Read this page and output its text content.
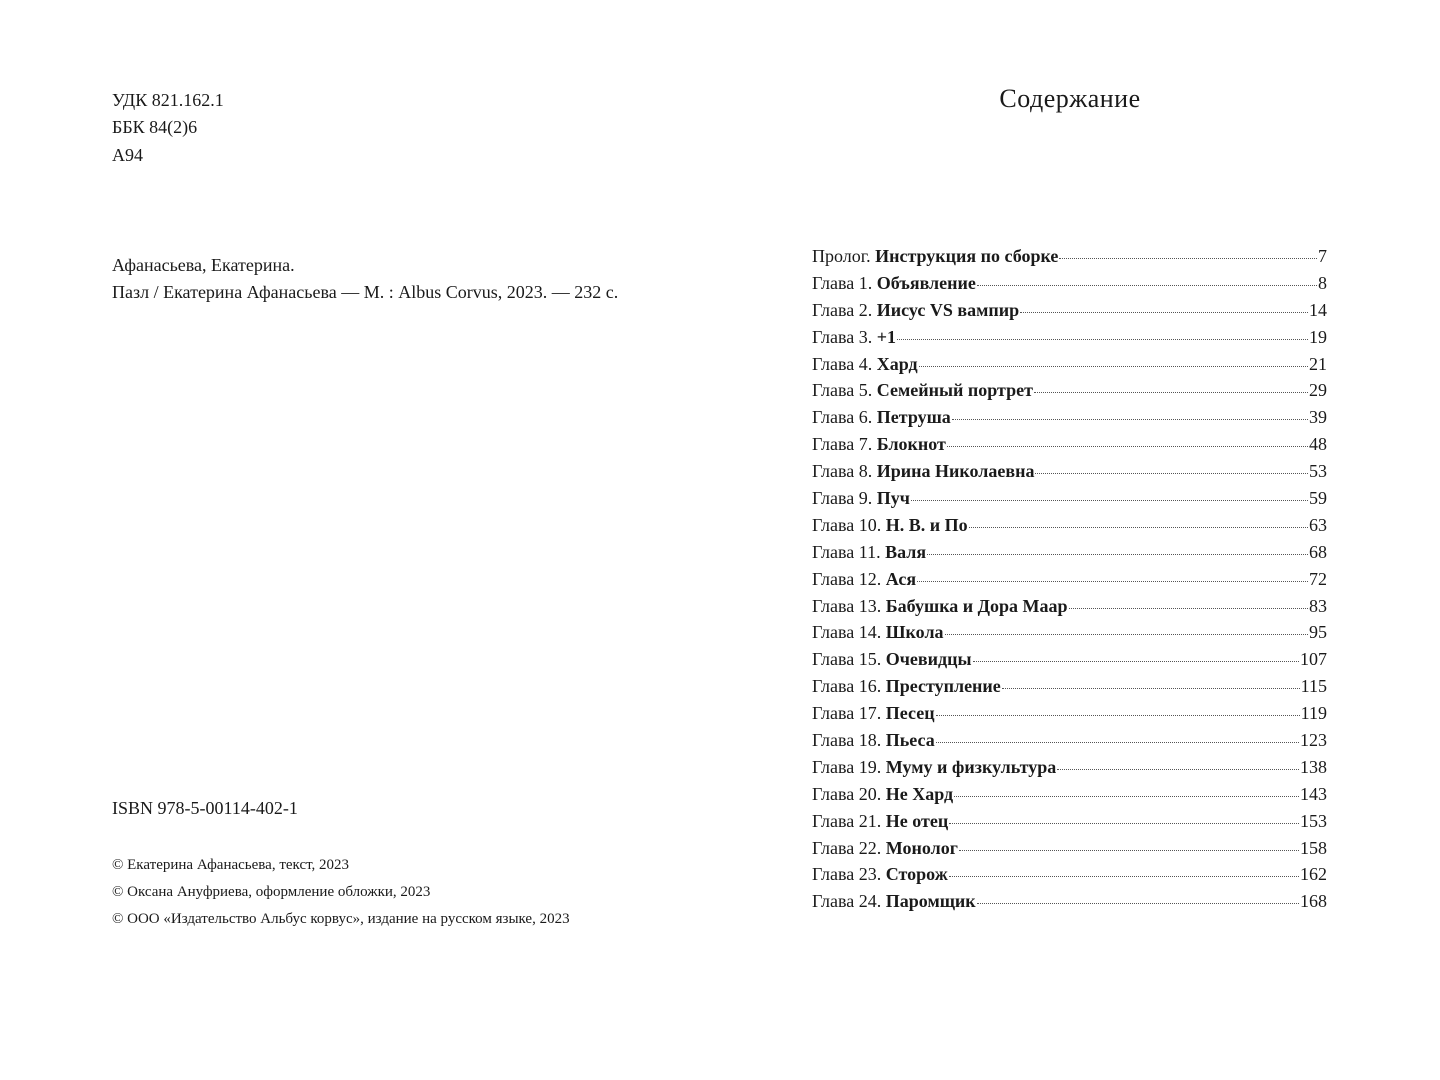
УДК 821.162.1
ББК 84(2)6
А94
Афанасьева, Екатерина.
Пазл / Екатерина Афанасьева — М. : Albus Corvus, 2023. — 232 с.
ISBN 978-5-00114-402-1
© Екатерина Афанасьева, текст, 2023
© Оксана Ануфриева, оформление обложки, 2023
© ООО «Издательство Альбус корвус», издание на русском языке, 2023
Содержание
Пролог. Инструкция по сборке	7
Глава 1. Объявление	8
Глава 2. Иисус VS вампир	14
Глава 3. +1	19
Глава 4. Хард	21
Глава 5. Семейный портрет	29
Глава 6. Петруша	39
Глава 7. Блокнот	48
Глава 8. Ирина Николаевна	53
Глава 9. Пуч	59
Глава 10. Н. В. и По	63
Глава 11. Валя	68
Глава 12. Ася	72
Глава 13. Бабушка и Дора Маар	83
Глава 14. Школа	95
Глава 15. Очевидцы	107
Глава 16. Преступление	115
Глава 17. Песец	119
Глава 18. Пьеса	123
Глава 19. Муму и физкультура	138
Глава 20. Не Хард	143
Глава 21. Не отец	153
Глава 22. Монолог	158
Глава 23. Сторож	162
Глава 24. Паромщик	168
